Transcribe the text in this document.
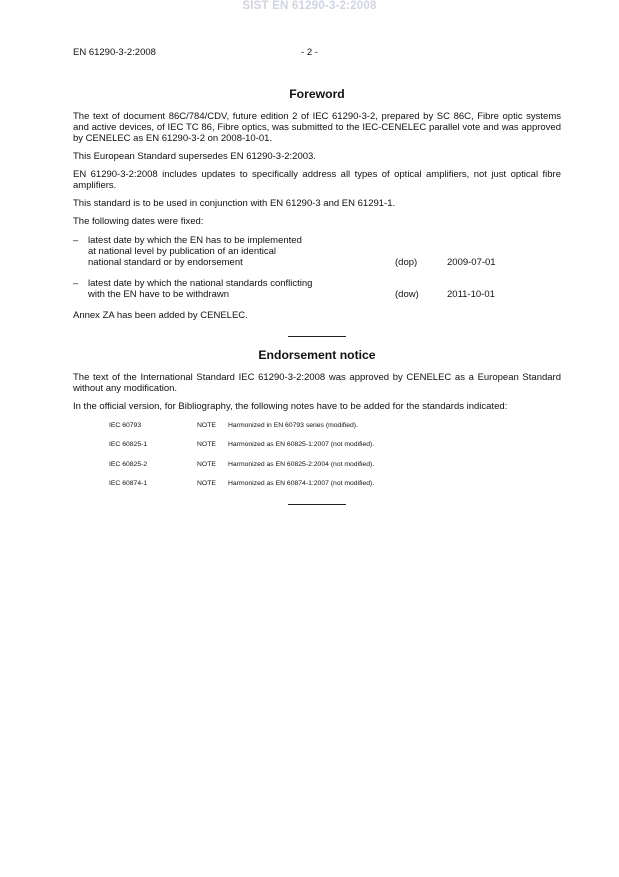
SIST EN 61290-3-2:2008
EN 61290-3-2:2008	- 2 -
Foreword

The text of document 86C/784/CDV, future edition 2 of IEC 61290-3-2, prepared by SC 86C, Fibre optic systems and active devices, of IEC TC 86, Fibre optics, was submitted to the IEC-CENELEC parallel vote and was approved by CENELEC as EN 61290-3-2 on 2008-10-01.

This European Standard supersedes EN 61290-3-2:2003.

EN 61290-3-2:2008 includes updates to specifically address all types of optical amplifiers, not just optical fibre amplifiers.

This standard is to be used in conjunction with EN 61290-3 and EN 61291-1.

The following dates were fixed:

–	latest date by which the EN has to be implemented
at national level by publication of an identical
national standard or by endorsement	(dop)	2009-07-01
–	latest date by which the national standards conflicting
with the EN have to be withdrawn	(dow)	2011-10-01

Annex ZA has been added by CENELEC.

Endorsement notice

The text of the International Standard IEC 61290-3-2:2008 was approved by CENELEC as a European Standard without any modification.

In the official version, for Bibliography, the following notes have to be added for the standards indicated:

IEC 60793	NOTE	Harmonized in EN 60793 series (modified).
IEC 60825-1	NOTE	Harmonized as EN 60825-1:2007 (not modified).
IEC 60825-2	NOTE	Harmonized as EN 60825-2:2004 (not modified).
IEC 60874-1	NOTE	Harmonized as EN 60874-1:2007 (not modified).
